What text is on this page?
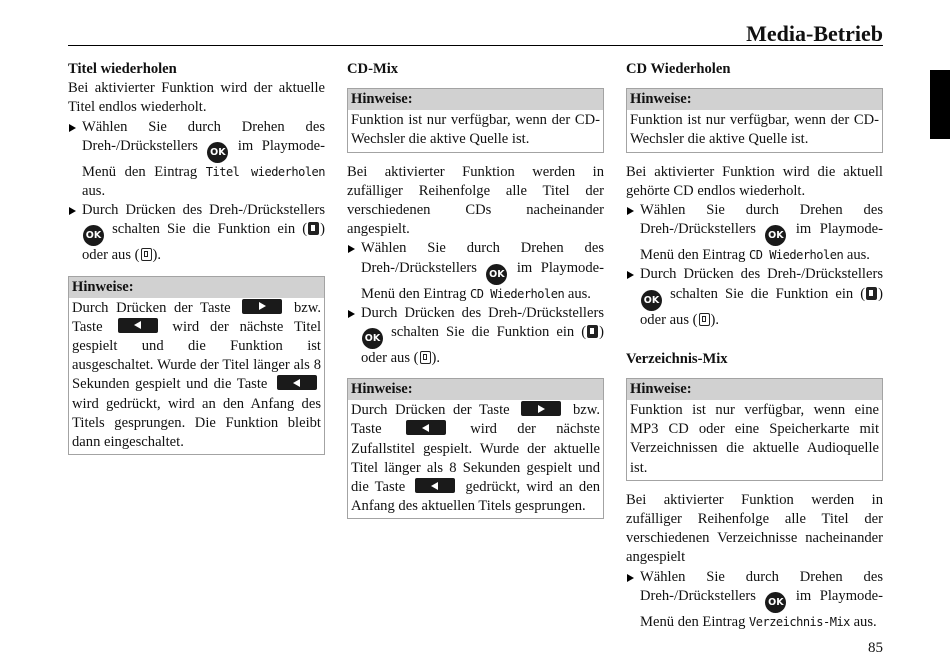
Media-Betrieb
85
Titel wiederholen

Bei aktivierter Funktion wird der aktuelle Titel endlos wiederholt.

Wählen Sie durch Drehen des Dreh-/Drückstellers OK im Playmode-Menü den Eintrag Titel wiederholen aus.
Durch Drücken des Dreh-/Drückstellers OK schalten Sie die Funktion ein ( ) oder aus ( ).
Hinweise:
Durch Drücken der Taste	bzw. Taste	wird der nächste Titel gespielt und die Funktion ist ausgeschaltet. Wurde der Titel länger als 8 Sekunden gespielt und die Taste  wird gedrückt, wird an den Anfang des Titels gesprungen. Die Funktion bleibt dann eingeschaltet.
CD-Mix
Hinweise:
Funktion ist nur verfügbar, wenn der CD-Wechsler die aktive Quelle ist.

Bei aktivierter Funktion werden in zufälliger Reihenfolge alle Titel der verschiedenen CDs nacheinander angespielt.

Wählen Sie durch Drehen des Dreh-/Drückstellers OK im Playmode-Menü den Eintrag CD Wiederholen aus.
Durch Drücken des Dreh-/Drückstellers OK schalten Sie die Funktion ein ( ) oder aus ( ).
Hinweise:
Durch Drücken der Taste	bzw. Taste	wird der nächste Zufallstitel gespielt. Wurde der aktuelle Titel länger als 8 Sekunden gespielt und die Taste	gedrückt, wird an den Anfang des aktuellen Titels gesprungen.
CD Wiederholen
Hinweise:
Funktion ist nur verfügbar, wenn der CD-Wechsler die aktive Quelle ist.

Bei aktivierter Funktion wird die aktuell gehörte CD endlos wiederholt.

Wählen Sie durch Drehen des Dreh-/Drückstellers OK im Playmode-Menü den Eintrag CD Wiederholen aus.
Durch Drücken des Dreh-/Drückstellers OK schalten Sie die Funktion ein ( ) oder aus ( ).
Verzeichnis-Mix
Hinweise:
Funktion ist nur verfügbar, wenn eine MP3 CD oder eine Speicherkarte mit Verzeichnissen die aktuelle Audioquelle ist.

Bei aktivierter Funktion werden in zufälliger Reihenfolge alle Titel der verschiedenen Verzeichnisse nacheinander angespielt

Wählen Sie durch Drehen des Dreh-/Drückstellers OK im Playmode-Menü den Eintrag Verzeichnis-Mix aus.
